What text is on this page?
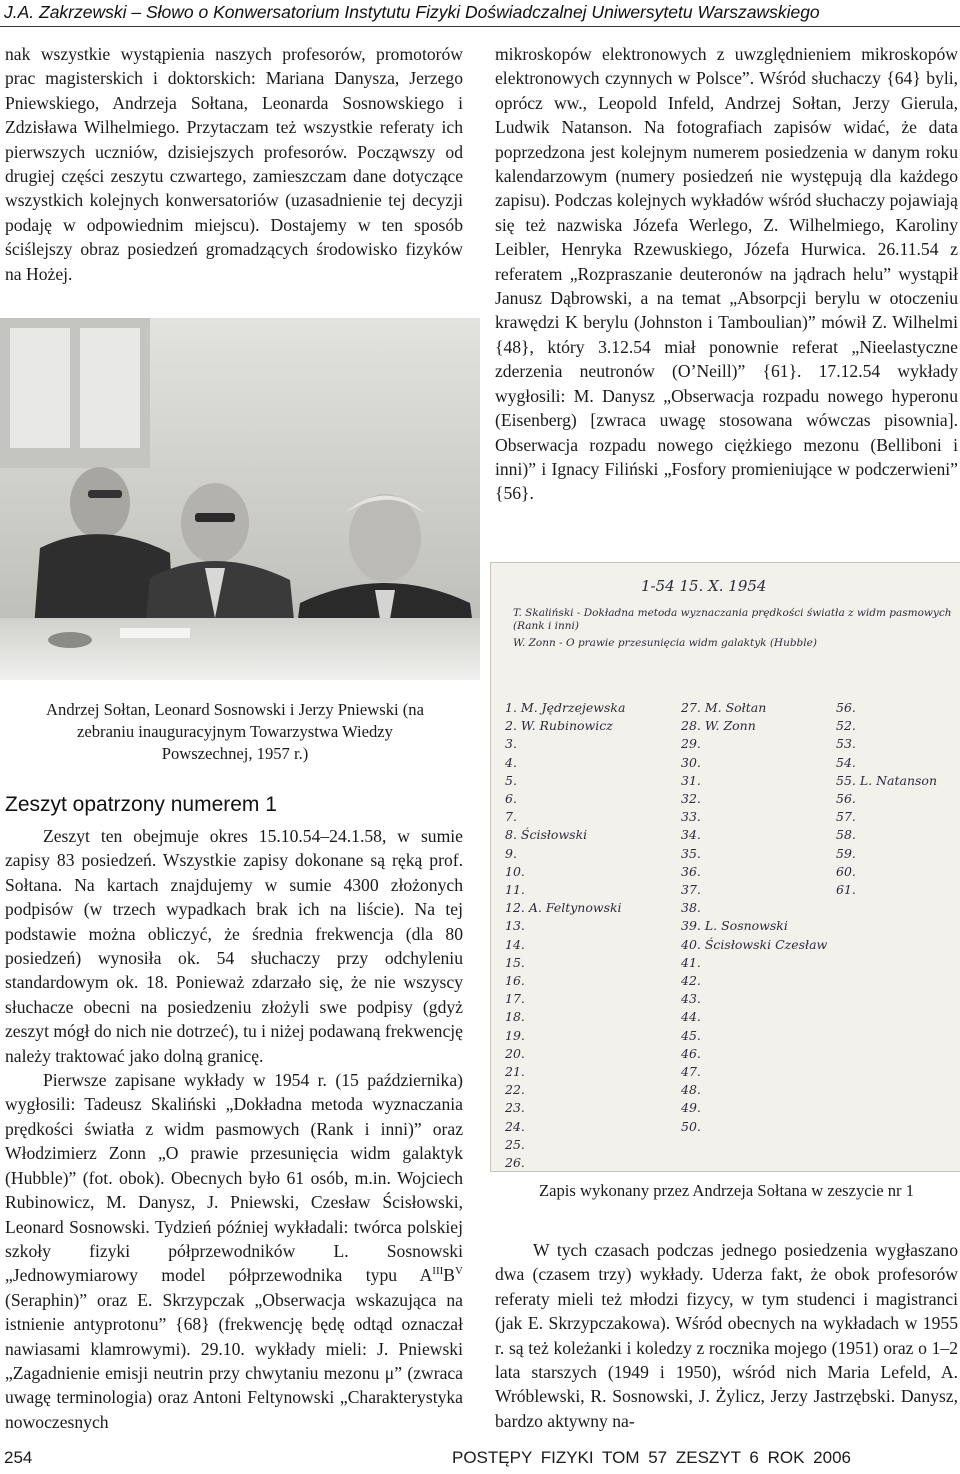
J.A. Zakrzewski – Słowo o Konwersatorium Instytutu Fizyki Doświadczalnej Uniwersytetu Warszawskiego

nak wszystkie wystąpienia naszych profesorów, promotorów prac magisterskich i doktorskich: Mariana Danysza, Jerzego Pniewskiego, Andrzeja Sołtana, Leonarda Sosnowskiego i Zdzisława Wilhelmiego. Przytaczam też wszystkie referaty ich pierwszych uczniów, dzisiejszych profesorów. Począwszy od drugiej części zeszytu czwartego, zamieszczam dane dotyczące wszystkich kolejnych konwersatoriów (uzasadnienie tej decyzji podaję w odpowiednim miejscu). Dostajemy w ten sposób ściślejszy obraz posiedzeń gromadzących środowisko fizyków na Hożej.

mikroskopów elektronowych z uwzględnieniem mikroskopów elektronowych czynnych w Polsce”. Wśród słuchaczy {64} byli, oprócz ww., Leopold Infeld, Andrzej Sołtan, Jerzy Gierula, Ludwik Natanson. Na fotografiach zapisów widać, że data poprzedzona jest kolejnym numerem posiedzenia w danym roku kalendarzowym (numery posiedzeń nie występują dla każdego zapisu). Podczas kolejnych wykładów wśród słuchaczy pojawiają się też nazwiska Józefa Werlego, Z. Wilhelmiego, Karoliny Leibler, Henryka Rzewuskiego, Józefa Hurwica. 26.11.54 z referatem „Rozpraszanie deuteronów na jądrach helu” wystąpił Janusz Dąbrowski, a na temat „Absorpcji berylu w otoczeniu krawędzi K berylu (Johnston i Tamboulian)” mówił Z. Wilhelmi {48}, który 3.12.54 miał ponownie referat „Nieelastyczne zderzenia neutronów (O’Neill)” {61}. 17.12.54 wykłady wygłosili: M. Danysz „Obserwacja rozpadu nowego hyperonu (Eisenberg) [zwraca uwagę stosowana wówczas pisownia]. Obserwacja rozpadu nowego ciężkiego mezonu (Belliboni i inni)” i Ignacy Filiński „Fosfory promieniujące w podczerwieni” {56}.

Andrzej Sołtan, Leonard Sosnowski i Jerzy Pniewski (na zebraniu inauguracyjnym Towarzystwa Wiedzy Powszechnej, 1957 r.)
Zeszyt opatrzony numerem 1

Zeszyt ten obejmuje okres 15.10.54–24.1.58, w sumie zapisy 83 posiedzeń. Wszystkie zapisy dokonane są ręką prof. Sołtana. Na kartach znajdujemy w sumie 4300 złożonych podpisów (w trzech wypadkach brak ich na liście). Na tej podstawie można obliczyć, że średnia frekwencja (dla 80 posiedzeń) wynosiła ok. 54 słuchaczy przy odchyleniu standardowym ok. 18. Ponieważ zdarzało się, że nie wszyscy słuchacze obecni na posiedzeniu złożyli swe podpisy (gdyż zeszyt mógł do nich nie dotrzeć), tu i niżej podawaną frekwencję należy traktować jako dolną granicę.

Pierwsze zapisane wykłady w 1954 r. (15 października) wygłosili: Tadeusz Skaliński „Dokładna metoda wyznaczania prędkości światła z widm pasmowych (Rank i inni)” oraz Włodzimierz Zonn „O prawie przesunięcia widm galaktyk (Hubble)” (fot. obok). Obecnych było 61 osób, m.in. Wojciech Rubinowicz, M. Danysz, J. Pniewski, Czesław Ścisłowski, Leonard Sosnowski. Tydzień później wykładali: twórca polskiej szkoły fizyki półprzewodników L. Sosnowski „Jednowymiarowy model półprzewodnika typu $A^{III}B^V$ (Seraphin)” oraz E. Skrzypczak „Obserwacja wskazująca na istnienie antyprotonu” {68} (frekwencję będę odtąd oznaczał nawiasami klamrowymi). 29.10. wykłady mieli: J. Pniewski „Zagadnienie emisji neutrin przy chwytaniu mezonu μ” (zwraca uwagę terminologia) oraz Antoni Feltynowski „Charakterystyka nowoczesnych

1-54 15. X. 1954
T. Skaliński - Dokładna metoda wyznaczania prędkości światła z widm pasmowych (Rank i inni)
W. Zonn - O prawie przesunięcia widm galaktyk (Hubble)
1. M. Jędrzejewska
2. W. Rubinowicz
3.
4.
5.
6.
7.
8. Ścisłowski
9.
10.
11.
12. A. Feltynowski
13.
14.
15.
16.
17.
18.
19.
20.
21.
22.
23.
24.
25.
26.
27. M. Sołtan
28. W. Zonn
29.
30.
31.
32.
33.
34.
35.
36.
37.
38.
39. L. Sosnowski
40. Ścisłowski Czesław
41.
42.
43.
44.
45.
46.
47.
48.
49.
50.
56.
52.
53.
54.
55. L. Natanson
56.
57.
58.
59.
60.
61.
Zapis wykonany przez Andrzeja Sołtana w zeszycie nr 1

W tych czasach podczas jednego posiedzenia wygłaszano dwa (czasem trzy) wykłady. Uderza fakt, że obok profesorów referaty mieli też młodzi fizycy, w tym studenci i magistranci (jak E. Skrzypczakowa). Wśród obecnych na wykładach w 1955 r. są też koleżanki i koledzy z rocznika mojego (1951) oraz o 1–2 lata starszych (1949 i 1950), wśród nich Maria Lefeld, A. Wróblewski, R. Sosnowski, J. Żylicz, Jerzy Jastrzębski. Danysz, bardzo aktywny na-

254	POSTĘPY FIZYKI TOM 57 ZESZYT 6 ROK 2006
